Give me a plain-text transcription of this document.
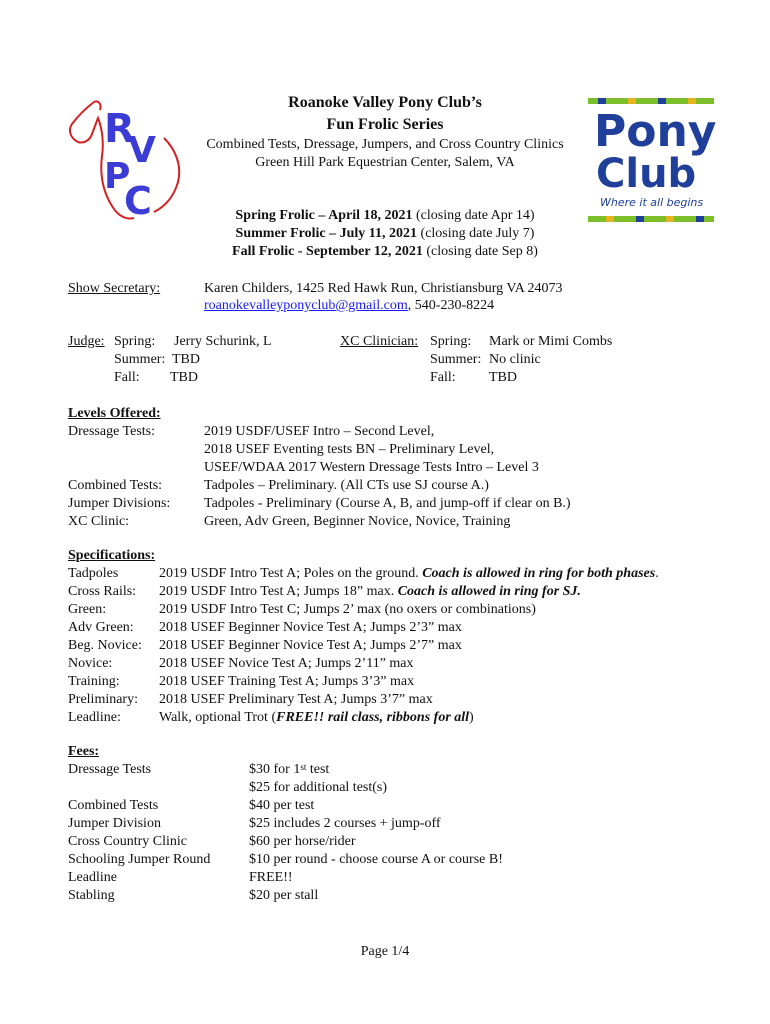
R
V
P
C
Pony
Club
Where it all begins
Roanoke Valley Pony Club’s
Fun Frolic Series
Combined Tests, Dressage, Jumpers, and Cross Country Clinics
Green Hill Park Equestrian Center, Salem, VA
Spring Frolic – April 18, 2021 (closing date Apr 14)
Summer Frolic – July 11, 2021 (closing date July 7)
Fall Frolic - September 12, 2021 (closing date Sep 8)
Show Secretary:	Karen Childers, 1425 Red Hawk Run, Christiansburg VA 24073
roanokevalleyponyclub@gmail.com, 540-230-8224
Judge: Spring: Jerry Schurink, L
Summer: TBD
Fall: TBD
XC Clinician: Spring: Mark or Mimi Combs
Summer: No clinic
Fall: TBD
Levels Offered:
Dressage Tests:	2019 USDF/USEF Intro – Second Level,
2018 USEF Eventing tests BN – Preliminary Level,
USEF/WDAA 2017 Western Dressage Tests Intro – Level 3
Combined Tests:	Tadpoles – Preliminary. (All CTs use SJ course A.)
Jumper Divisions: Tadpoles - Preliminary (Course A, B, and jump-off if clear on B.)
XC Clinic:	Green, Adv Green, Beginner Novice, Novice, Training
Specifications:
Tadpoles	2019 USDF Intro Test A; Poles on the ground. Coach is allowed in ring for both phases.
Cross Rails: 2019 USDF Intro Test A; Jumps 18” max. Coach is allowed in ring for SJ.
Green:	2019 USDF Intro Test C; Jumps 2’ max (no oxers or combinations)
Adv Green: 2018 USEF Beginner Novice Test A; Jumps 2’3” max
Beg. Novice: 2018 USEF Beginner Novice Test A; Jumps 2’7” max
Novice:	2018 USEF Novice Test A; Jumps 2’11” max
Training:	2018 USEF Training Test A; Jumps 3’3” max
Preliminary: 2018 USEF Preliminary Test A; Jumps 3’7” max
Leadline:	Walk, optional Trot (FREE!! rail class, ribbons for all)
Fees:
Dressage Tests	$30 for 1st test
$25 for additional test(s)
Combined Tests	$40 per test
Jumper Division	$25 includes 2 courses + jump-off
Cross Country Clinic	$60 per horse/rider
Schooling Jumper Round	$10 per round - choose course A or course B!
Leadline	FREE!!
Stabling	$20 per stall
Page 1/4
